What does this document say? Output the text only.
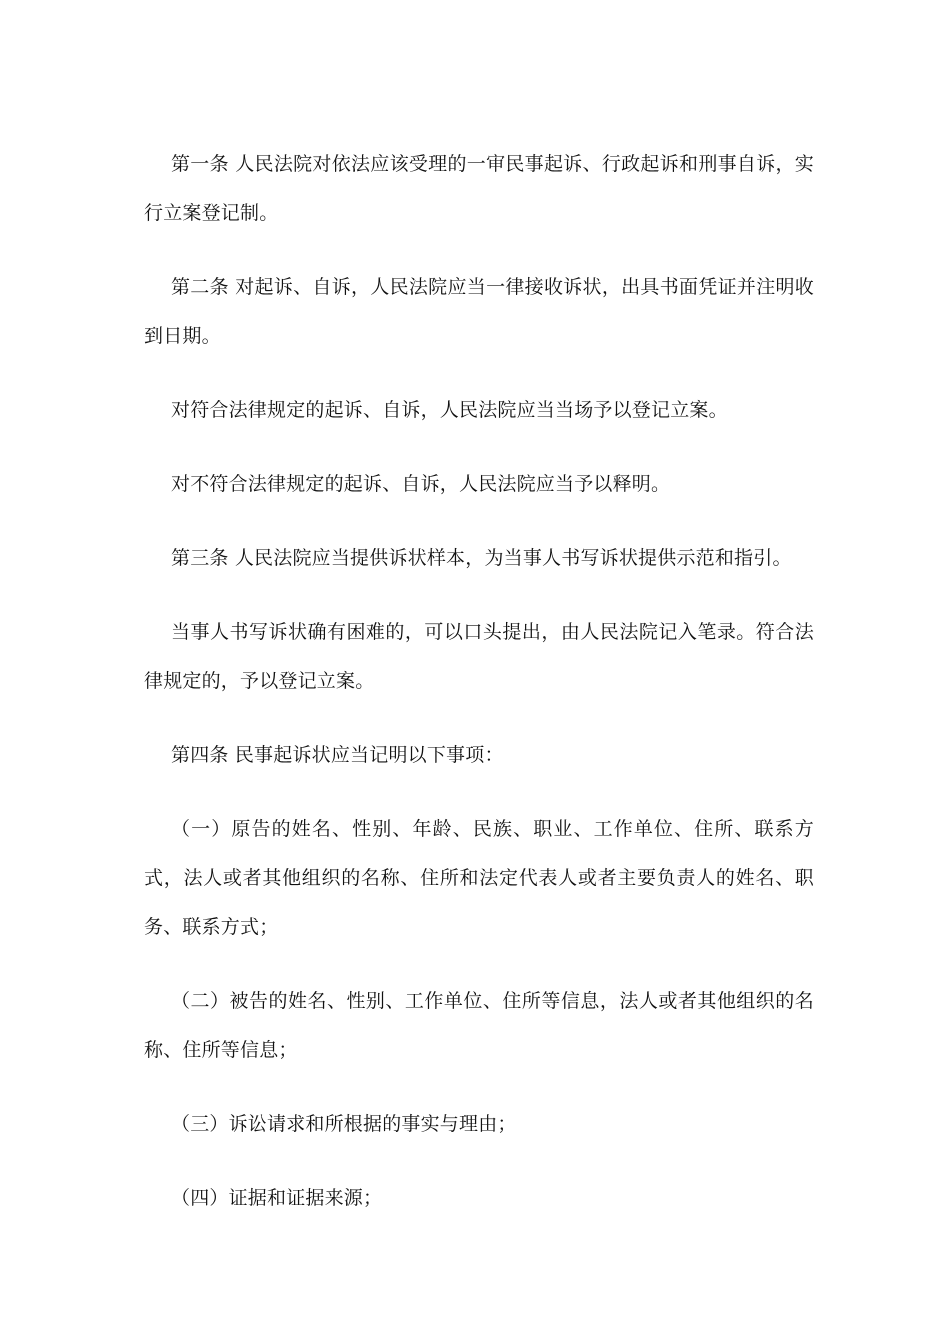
第一条 人民法院对依法应该受理的一审民事起诉、行政起诉和刑事自诉，实行立案登记制。

第二条 对起诉、自诉，人民法院应当一律接收诉状，出具书面凭证并注明收到日期。

对符合法律规定的起诉、自诉，人民法院应当当场予以登记立案。

对不符合法律规定的起诉、自诉，人民法院应当予以释明。

第三条 人民法院应当提供诉状样本，为当事人书写诉状提供示范和指引。

当事人书写诉状确有困难的，可以口头提出，由人民法院记入笔录。符合法律规定的，予以登记立案。

第四条 民事起诉状应当记明以下事项：

（一）原告的姓名、性别、年龄、民族、职业、工作单位、住所、联系方式，法人或者其他组织的名称、住所和法定代表人或者主要负责人的姓名、职务、联系方式；

（二）被告的姓名、性别、工作单位、住所等信息，法人或者其他组织的名称、住所等信息；

（三）诉讼请求和所根据的事实与理由；

（四）证据和证据来源；
